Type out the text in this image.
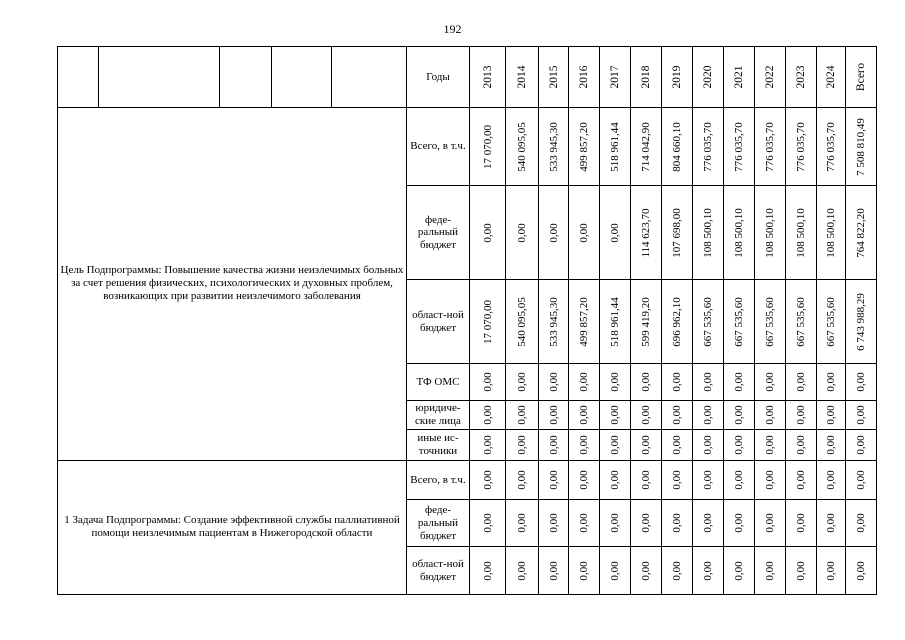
192
					Годы	2013	2014	2015	2016	2017	2018	2019	2020	2021	2022	2023	2024	Всего

Цель Подпрограммы: Повышение качества жизни неизлечимых больных за счет решения физических, психологических и духовных проблем, возникающих при развитии неизлечимого заболевания					Всего, в т.ч.	17 070,00	540 095,05	533 945,30	499 857,20	518 961,44	714 042,90	804 660,10	776 035,70	776 035,70	776 035,70	776 035,70	776 035,70	7 508 810,49

					феде-ральный бюджет	0,00	0,00	0,00	0,00	0,00	114 623,70	107 698,00	108 500,10	108 500,10	108 500,10	108 500,10	108 500,10	764 822,20

					област-ной бюджет	17 070,00	540 095,05	533 945,30	499 857,20	518 961,44	599 419,20	696 962,10	667 535,60	667 535,60	667 535,60	667 535,60	667 535,60	6 743 988,29

					ТФ ОМС	0,00	0,00	0,00	0,00	0,00	0,00	0,00	0,00	0,00	0,00	0,00	0,00	0,00

					юридиче-ские лица	0,00	0,00	0,00	0,00	0,00	0,00	0,00	0,00	0,00	0,00	0,00	0,00	0,00

					иные ис-точники	0,00	0,00	0,00	0,00	0,00	0,00	0,00	0,00	0,00	0,00	0,00	0,00	0,00

1 Задача Подпрограммы: Создание эффективной службы паллиативной помощи неизлечимым пациентам в Нижегородской области					Всего, в т.ч.	0,00	0,00	0,00	0,00	0,00	0,00	0,00	0,00	0,00	0,00	0,00	0,00	0,00

					феде-ральный бюджет	0,00	0,00	0,00	0,00	0,00	0,00	0,00	0,00	0,00	0,00	0,00	0,00	0,00

					област-ной бюджет	0,00	0,00	0,00	0,00	0,00	0,00	0,00	0,00	0,00	0,00	0,00	0,00	0,00
